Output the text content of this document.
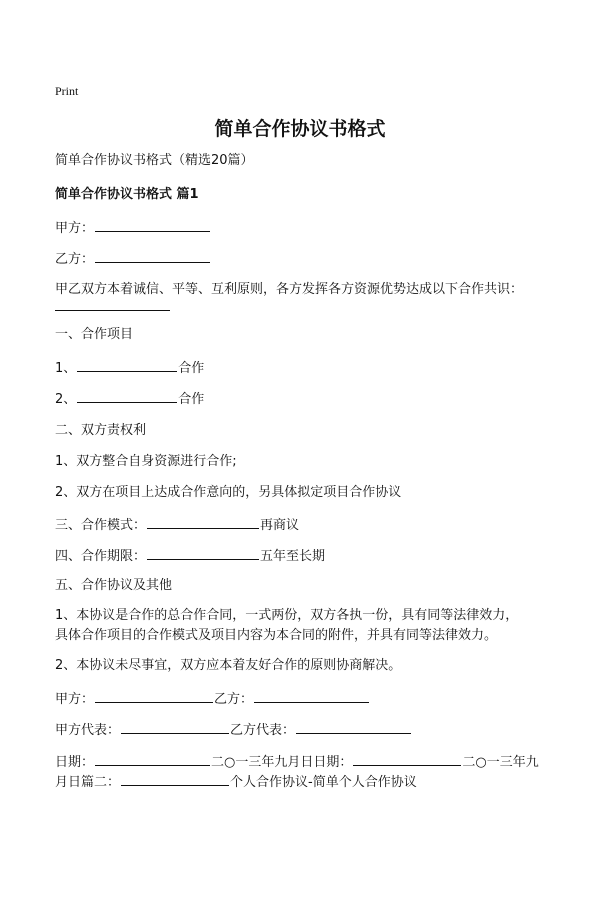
Print
简单合作协议书格式
简单合作协议书格式（精选20篇）
简单合作协议书格式 篇1
甲方：
乙方：
甲乙双方本着诚信、平等、互利原则，各方发挥各方资源优势达成以下合作共识：
一、合作项目
1、	合作
2、	合作
二、双方责权利
1、双方整合自身资源进行合作;
2、双方在项目上达成合作意向的，另具体拟定项目合作协议
三、合作模式：	再商议
四、合作期限：	五年至长期
五、合作协议及其他
1、本协议是合作的总合作合同，一式两份，双方各执一份，具有同等法律效力，
具体合作项目的合作模式及项目内容为本合同的附件，并具有同等法律效力。
2、本协议未尽事宜，双方应本着友好合作的原则协商解决。
甲方：	乙方：
甲方代表：	乙方代表：
日期：	二○一三年九月日日期：	二○一三年九
月日篇二：	个人合作协议-简单个人合作协议
